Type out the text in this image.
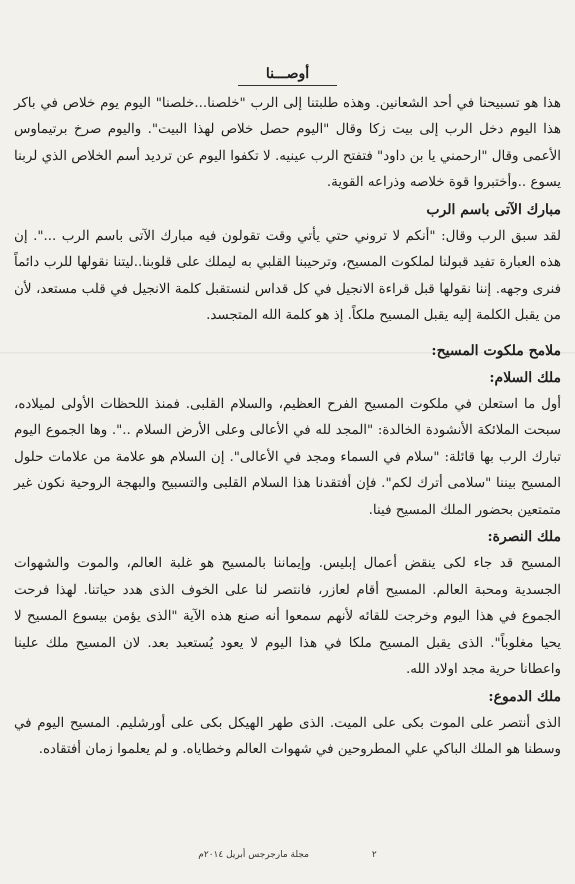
أوصـــنا

هذا هو تسبيحنا في أحد الشعانين. وهذه طلبتنا إلى الرب "خلصنا...خلصنا" اليوم يوم خلاص في باكر هذا اليوم دخل الرب إلى بيت زكا وقال "اليوم حصل خلاص لهذا البيت". واليوم صرخ برتيماوس الأعمى وقال "ارحمني يا بن داود" فتفتح الرب عينيه. لا تكفوا اليوم عن ترديد أسم الخلاص الذي لربنا يسوع ..وأختبروا قوة خلاصه وذراعه القوية.

مبارك الآتى باسم الرب

لقد سبق الرب وقال: "أنكم لا تروني حتي يأتي وقت تقولون فيه مبارك الآتى باسم الرب ...". إن هذه العبارة تفيد قبولنا لملكوت المسيح، وترحيبنا القلبي به ليملك على قلوبنا..ليتنا نقولها للرب دائماً فنرى وجهه. إننا نقولها قبل قراءة الانجيل في كل قداس لنستقبل كلمة الانجيل في قلب مستعد، لأن من يقبل الكلمة إليه يقبل المسيح ملكاً. إذ هو كلمة الله المتجسد.

ملامح ملكوت المسيح:
ملك السلام:

أول ما استعلن في ملكوت المسيح الفرح العظيم، والسلام القلبى. فمنذ اللحظات الأولى لميلاده، سبحت الملائكة الأنشودة الخالدة: "المجد لله في الأعالى وعلى الأرض السلام ..". وها الجموع اليوم تبارك الرب بها قائلة: "سلام في السماء ومجد في الأعالى". إن السلام هو علامة من علامات حلول المسيح بيننا "سلامى أترك لكم". فإن أفتقدنا هذا السلام القلبى والتسبيح والبهجة الروحية نكون غير متمتعين بحضور الملك المسيح فينا.

ملك النصرة:

المسيح قد جاء لكى ينقض أعمال إبليس. وإيماننا بالمسيح هو غلبة العالم، والموت والشهوات الجسدية ومحبة العالم. المسيح أقام لعازر، فانتصر لنا على الخوف الذى هدد حياتنا. لهذا فرحت الجموع في هذا اليوم وخرجت للقائه لأنهم سمعوا أنه صنع هذه الآية "الذى يؤمن بيسوع المسيح لا يحيا مغلوباً". الذى يقبل المسيح ملكا في هذا اليوم لا يعود يُستعبد بعد. لان المسيح ملك علينا واعطانا حرية مجد اولاد الله.

ملك الدموع:

الذى أنتصر على الموت بكى على الميت. الذى طهر الهيكل بكى على أورشليم. المسيح اليوم في وسطنا هو الملك الباكي علي المطروحين في شهوات العالم وخطاياه. و لم يعلموا زمان أفتقاده.

٢ مجلة مارجرجس أبريل ٢٠١٤م
